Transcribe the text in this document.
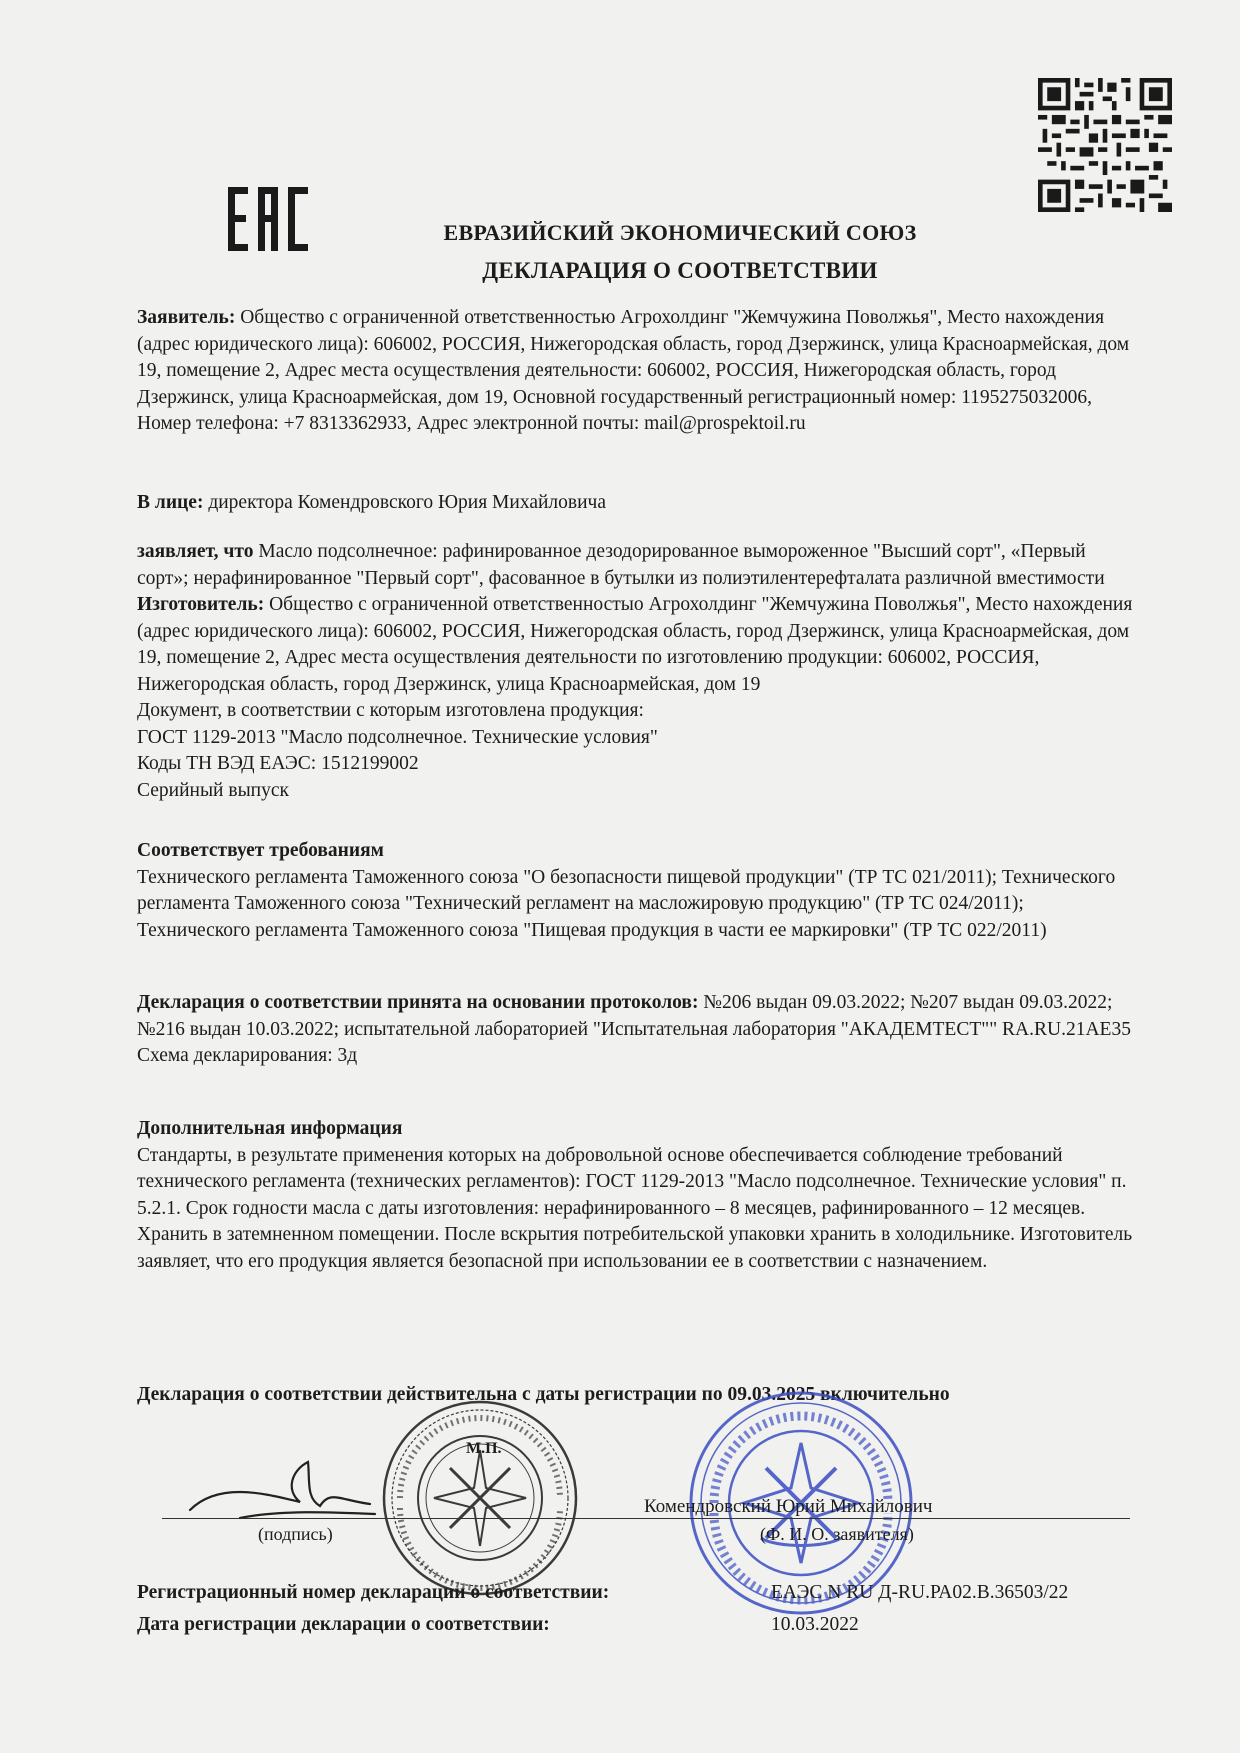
ЕВРАЗИЙСКИЙ ЭКОНОМИЧЕСКИЙ СОЮЗ
ДЕКЛАРАЦИЯ О СООТВЕТСТВИИ

Заявитель: Общество с ограниченной ответственностью Агрохолдинг "Жемчужина Поволжья", Место нахождения (адрес юридического лица): 606002, РОССИЯ, Нижегородская область, город Дзержинск, улица Красноармейская, дом 19, помещение 2, Адрес места осуществления деятельности: 606002, РОССИЯ, Нижегородская область, город Дзержинск, улица Красноармейская, дом 19, Основной государственный регистрационный номер: 1195275032006,

Номер телефона: +7 8313362933, Адрес электронной почты: mail@prospektoil.ru

В лице: директора Комендровского Юрия Михайловича

заявляет, что Масло подсолнечное: рафинированное дезодорированное вымороженное "Высший сорт", «Первый сорт»; нерафинированное "Первый сорт", фасованное в бутылки из полиэтилентерефталата различной вместимости

Изготовитель: Общество с ограниченной ответственностыо Агрохолдинг "Жемчужина Поволжья", Место нахождения (адрес юридического лица): 606002, РОССИЯ, Нижегородская область, город Дзержинск, улица Красноармейская, дом 19, помещение 2, Адрес места осуществления деятельности по изготовлению продукции: 606002, РОССИЯ, Нижегородская область, город Дзержинск, улица Красноармейская, дом 19

Документ, в соответствии с которым изготовлена продукция:

ГОСТ 1129-2013 "Масло подсолнечное. Технические условия"

Коды ТН ВЭД ЕАЭС: 1512199002

Серийный выпуск

Соответствует требованиям

Технического регламента Таможенного союза "О безопасности пищевой продукции" (ТР ТС 021/2011); Технического регламента Таможенного союза "Технический регламент на масложировую продукцию" (ТР ТС 024/2011); Технического регламента Таможенного союза "Пищевая продукция в части ее маркировки" (ТР ТС 022/2011)

Декларация о соответствии принята на основании протоколов: №206 выдан 09.03.2022; №207 выдан 09.03.2022; №216 выдан 10.03.2022; испытательной лабораторией "Испытательная лаборатория "АКАДЕМТЕСТ"" RA.RU.21АЕ35

Схема декларирования: 3д

Дополнительная информация

Стандарты, в результате применения которых на добровольной основе обеспечивается соблюдение требований технического регламента (технических регламентов): ГОСТ 1129-2013 "Масло подсолнечное. Технические условия" п. 5.2.1. Срок годности масла с даты изготовления: нерафинированного – 8 месяцев, рафинированного – 12 месяцев. Хранить в затемненном помещении. После вскрытия потребительской упаковки хранить в холодильнике. Изготовитель заявляет, что его продукция является безопасной при использовании ее в соответствии с назначением.

Декларация о соответствии действительна с даты регистрации по 09.03.2025 включительно
М.П.
Комендровский Юрий Михайлович
(подпись)	(Ф. И. О. заявителя)
Регистрационный номер декларации о соответствии:	ЕАЭС N RU Д-RU.РА02.В.36503/22
Дата регистрации декларации о соответствии:	10.03.2022
